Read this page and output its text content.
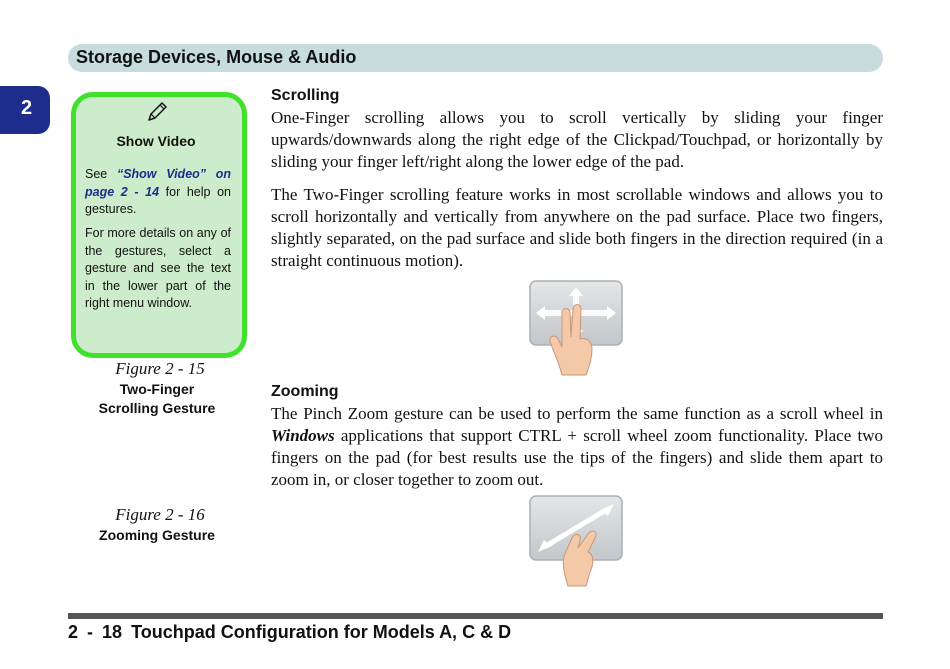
Storage Devices, Mouse & Audio
2
Show Video
See “Show Video” on page 2 - 14 for help on gestures.
For more details on any of the gestures, select a gesture and see the text in the lower part of the right menu window.
Figure 2 - 15
Two-Finger
Scrolling Gesture
Figure 2 - 16
Zooming Gesture
Scrolling
One-Finger scrolling allows you to scroll vertically by sliding your finger upwards/downwards along the right edge of the Clickpad/Touchpad, or horizontally by sliding your finger left/right along the lower edge of the pad.
The Two-Finger scrolling feature works in most scrollable windows and allows you to scroll horizontally and vertically from anywhere on the pad surface. Place two fingers, slightly separated, on the pad surface and slide both fingers in the direction required (in a straight continuous motion).
Zooming
The Pinch Zoom gesture can be used to perform the same function as a scroll wheel in Windows applications that support CTRL + scroll wheel zoom functionality. Place two fingers on the pad (for best results use the tips of the fingers) and slide them apart to zoom in, or closer together to zoom out.
2 - 18 Touchpad Configuration for Models A, C & D
